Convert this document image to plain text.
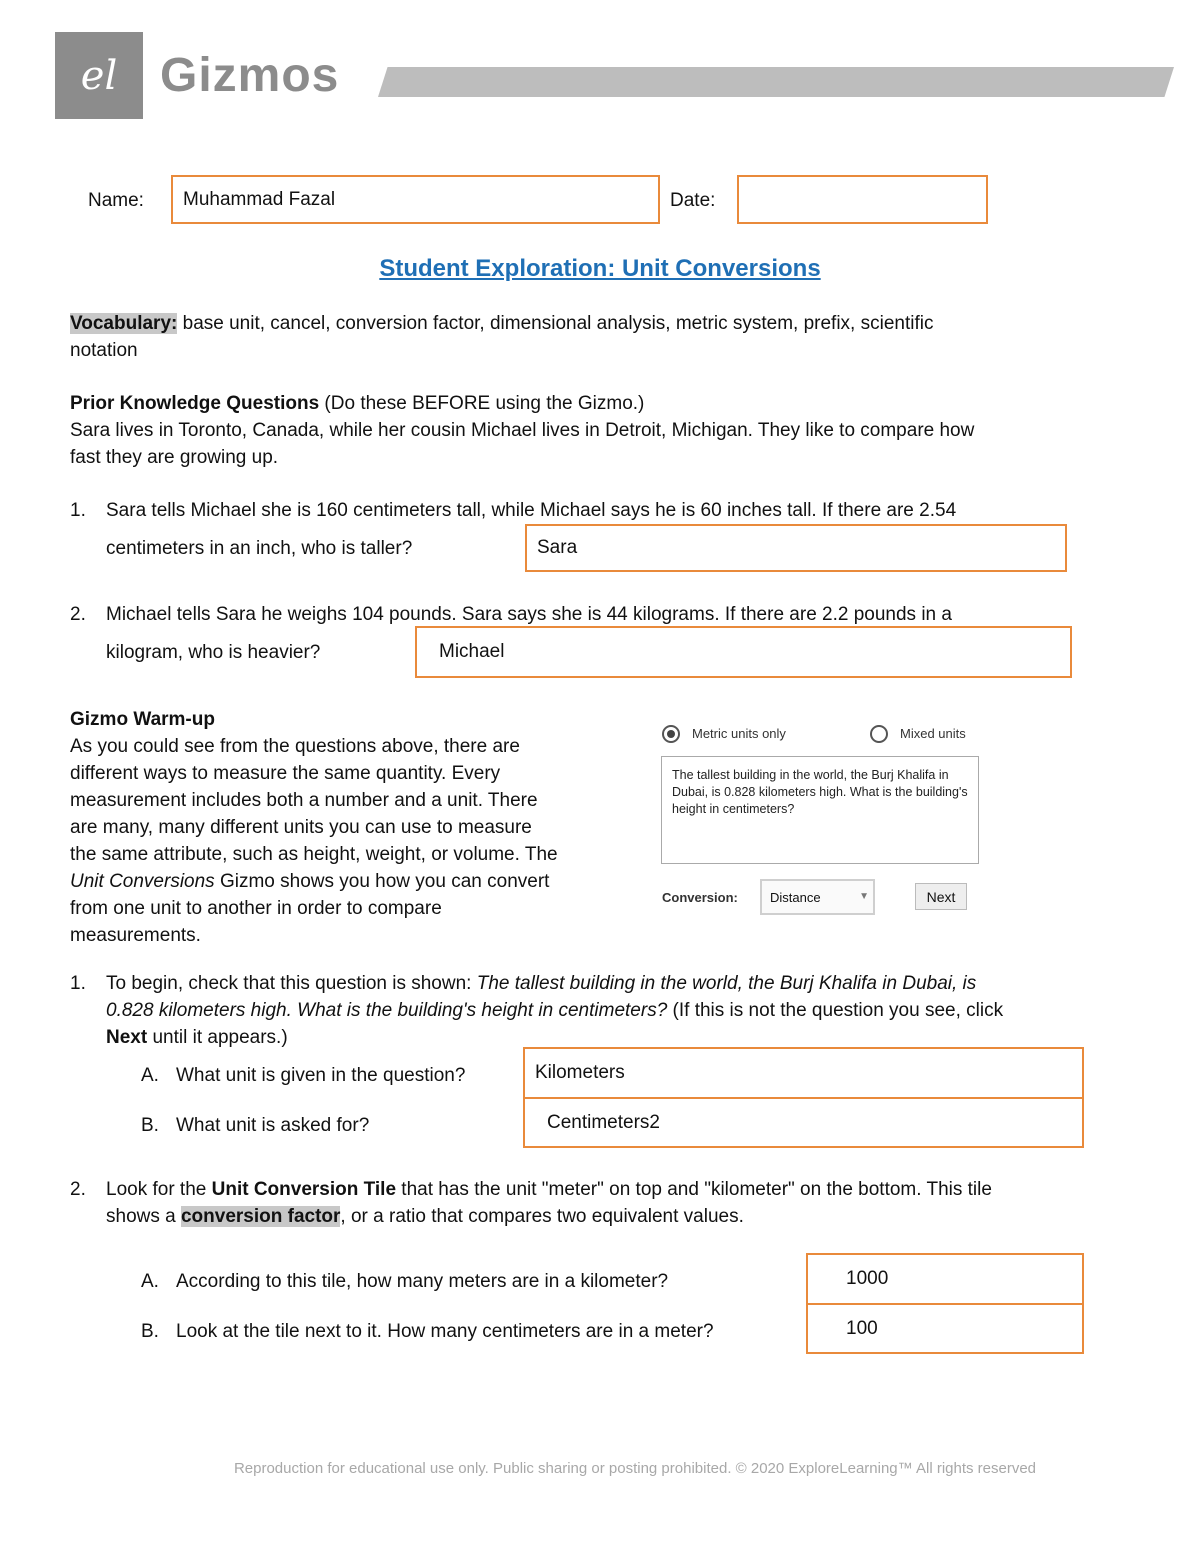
el Gizmos
Name: Muhammad Fazal	Date:
Student Exploration: Unit Conversions
Vocabulary: base unit, cancel, conversion factor, dimensional analysis, metric system, prefix, scientific
notation
Prior Knowledge Questions (Do these BEFORE using the Gizmo.)
Sara lives in Toronto, Canada, while her cousin Michael lives in Detroit, Michigan. They like to compare how
fast they are growing up.
1. Sara tells Michael she is 160 centimeters tall, while Michael says he is 60 inches tall. If there are 2.54
centimeters in an inch, who is taller?	Sara
2. Michael tells Sara he weighs 104 pounds. Sara says she is 44 kilograms. If there are 2.2 pounds in a
kilogram, who is heavier?	Michael
Gizmo Warm-up
As you could see from the questions above, there are
different ways to measure the same quantity. Every
measurement includes both a number and a unit. There
are many, many different units you can use to measure
the same attribute, such as height, weight, or volume. The
Unit Conversions Gizmo shows you how you can convert
from one unit to another in order to compare
measurements.
Metric units only	Mixed units
The tallest building in the world, the Burj Khalifa in Dubai, is 0.828 kilometers high. What is the building's height in centimeters?
Conversion: Distance	▼	Next
1. To begin, check that this question is shown: The tallest building in the world, the Burj Khalifa in Dubai, is
0.828 kilometers high. What is the building's height in centimeters? (If this is not the question you see, click
Next until it appears.)
A. What unit is given in the question?	Kilometers
B. What unit is asked for?	Centimeters2
2. Look for the Unit Conversion Tile that has the unit "meter" on top and "kilometer" on the bottom. This tile
shows a conversion factor, or a ratio that compares two equivalent values.
A. According to this tile, how many meters are in a kilometer?	1000
B. Look at the tile next to it. How many centimeters are in a meter?	100
Reproduction for educational use only. Public sharing or posting prohibited. © 2020 ExploreLearning™ All rights reserved
